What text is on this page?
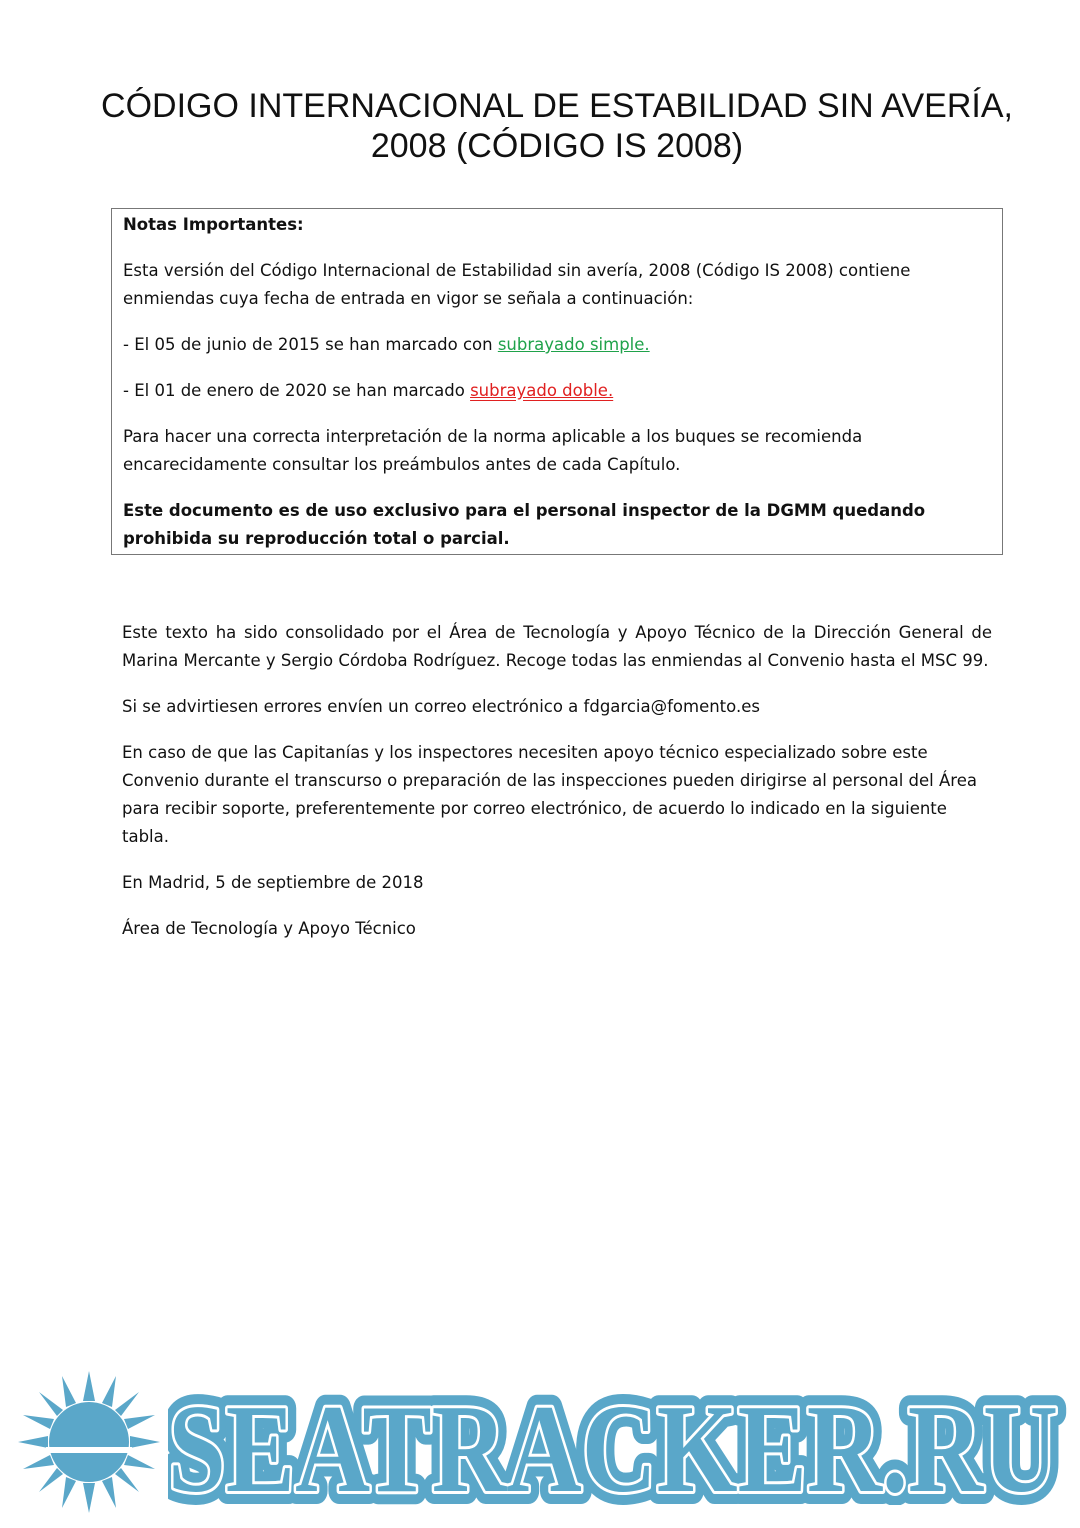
CÓDIGO INTERNACIONAL DE ESTABILIDAD SIN AVERÍA, 2008 (CÓDIGO IS 2008)

Notas Importantes:

Esta versión del Código Internacional de Estabilidad sin avería, 2008 (Código IS 2008) contiene enmiendas cuya fecha de entrada en vigor se señala a continuación:

- El 05 de junio de 2015 se han marcado con subrayado simple.

- El 01 de enero de 2020 se han marcado subrayado doble.

Para hacer una correcta interpretación de la norma aplicable a los buques se recomienda encarecidamente consultar los preámbulos antes de cada Capítulo.

Este documento es de uso exclusivo para el personal inspector de la DGMM quedando prohibida su reproducción total o parcial.

Este texto ha sido consolidado por el Área de Tecnología y Apoyo Técnico de la Dirección General de Marina Mercante y Sergio Córdoba Rodríguez. Recoge todas las enmiendas al Convenio hasta el MSC 99.

Si se advirtiesen errores envíen un correo electrónico a fdgarcia@fomento.es

En caso de que las Capitanías y los inspectores necesiten apoyo técnico especializado sobre este Convenio durante el transcurso o preparación de las inspecciones pueden dirigirse al personal del Área para recibir soporte, preferentemente por correo electrónico, de acuerdo lo indicado en la siguiente tabla.

En Madrid, 5 de septiembre de 2018

Área de Tecnología y Apoyo Técnico

SEATRACKER.RU
SEATRACKER.RU
SEATRACKER.RU
